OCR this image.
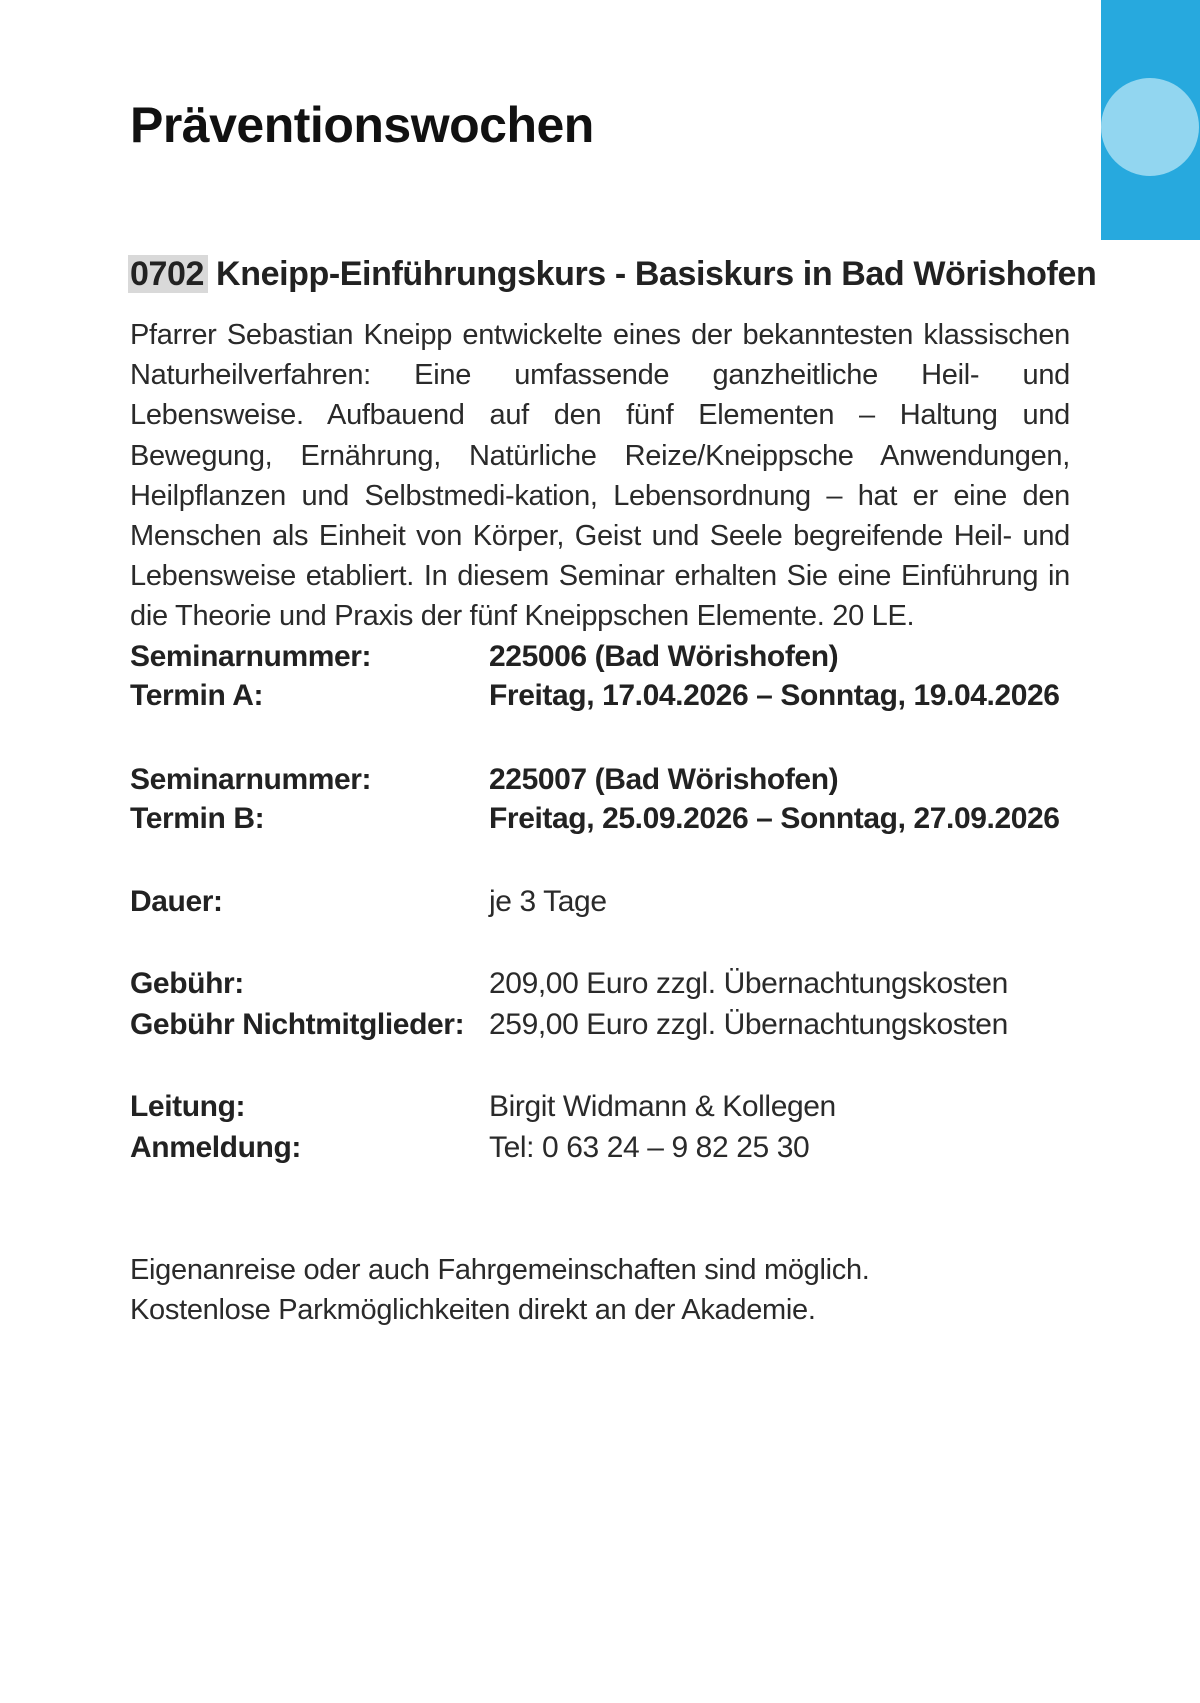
Präventionswochen
0702 Kneipp-Einführungskurs - Basiskurs in Bad Wörishofen

Pfarrer Sebastian Kneipp entwickelte eines der bekanntesten klassischen Naturheilverfahren: Eine umfassende ganzheitliche Heil- und Lebensweise. Aufbauend auf den fünf Elementen – Haltung und Bewegung, Ernährung, Natürliche Reize/Kneippsche Anwendungen, Heilpflanzen und Selbstmedi-kation, Lebensordnung – hat er eine den Menschen als Einheit von Körper, Geist und Seele begreifende Heil- und Lebensweise etabliert. In diesem Seminar erhalten Sie eine Einführung in die Theorie und Praxis der fünf Kneippschen Elemente. 20 LE.

Seminarnummer:	225006 (Bad Wörishofen)
Termin A:	Freitag, 17.04.2026 – Sonntag, 19.04.2026
Seminarnummer:	225007 (Bad Wörishofen)
Termin B:	Freitag, 25.09.2026 – Sonntag, 27.09.2026
Dauer:	je 3 Tage
Gebühr:	209,00 Euro zzgl. Übernachtungskosten
Gebühr Nichtmitglieder: 259,00 Euro zzgl. Übernachtungskosten
Leitung:	Birgit Widmann & Kollegen
Anmeldung:	Tel: 0 63 24 – 9 82 25 30
Eigenanreise oder auch Fahrgemeinschaften sind möglich.
Kostenlose Parkmöglichkeiten direkt an der Akademie.
